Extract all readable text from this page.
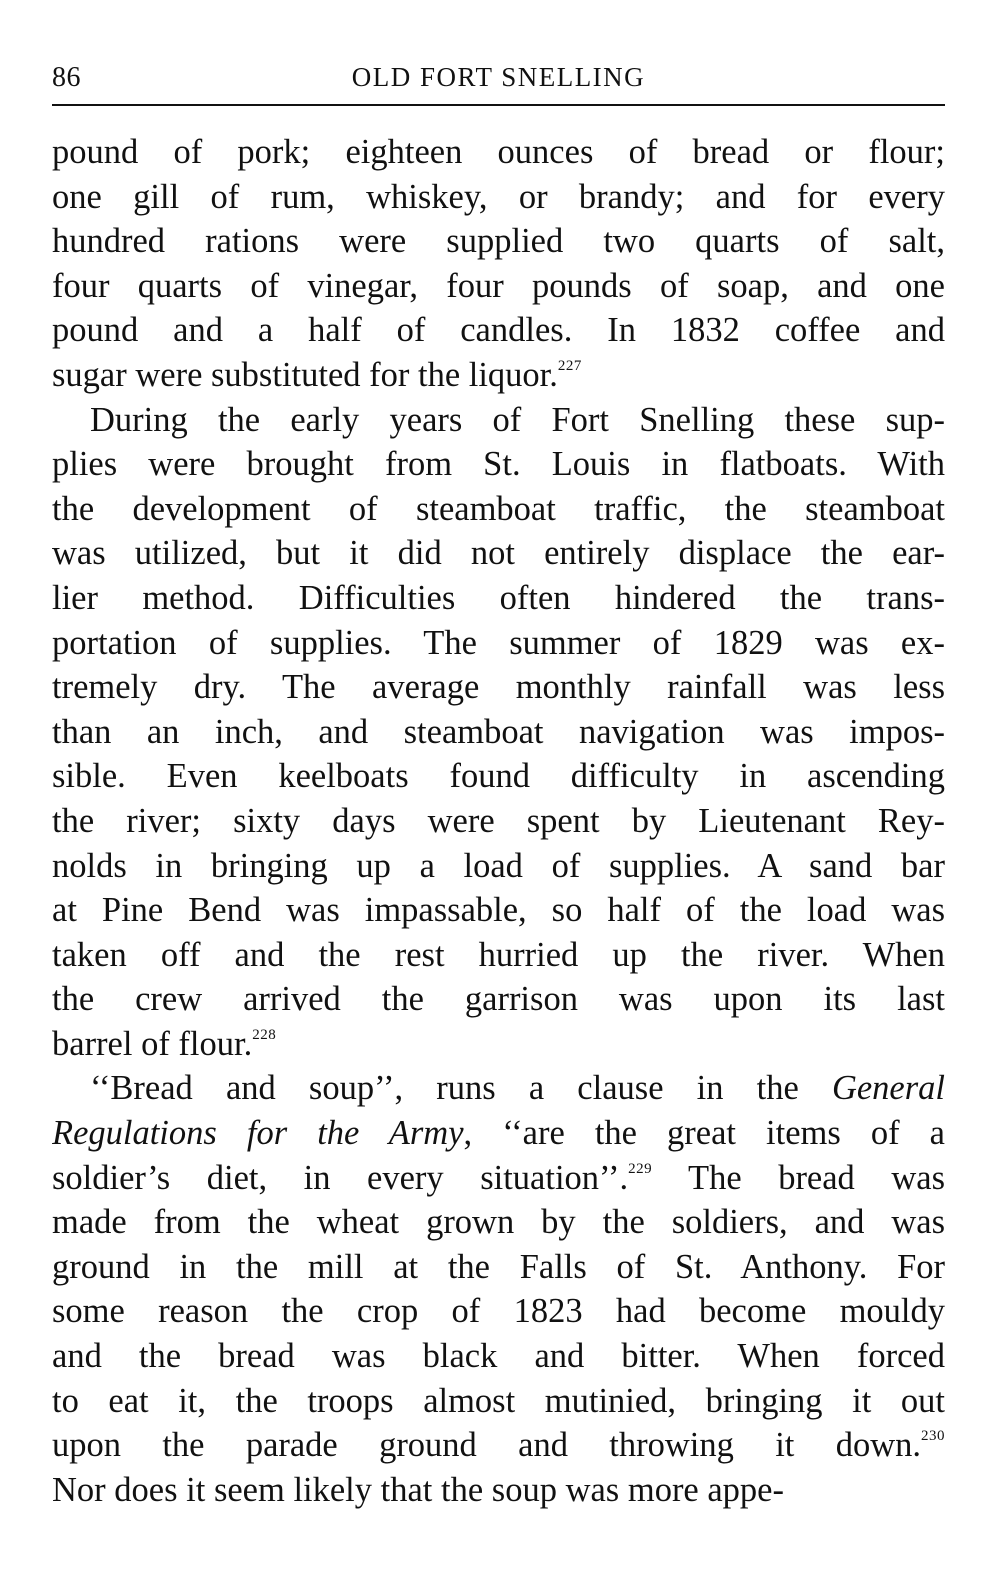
86	OLD FORT SNELLING
pound of pork; eighteen ounces of bread or flour;
one gill of rum, whiskey, or brandy; and for every
hundred rations were supplied two quarts of salt,
four quarts of vinegar, four pounds of soap, and one
pound and a half of candles. In 1832 coffee and
sugar were substituted for the liquor.$^{227}$
During the early years of Fort Snelling these sup-
plies were brought from St. Louis in flatboats. With
the development of steamboat traffic, the steamboat
was utilized, but it did not entirely displace the ear-
lier method. Difficulties often hindered the trans-
portation of supplies. The summer of 1829 was ex-
tremely dry. The average monthly rainfall was less
than an inch, and steamboat navigation was impos-
sible. Even keelboats found difficulty in ascending
the river; sixty days were spent by Lieutenant Rey-
nolds in bringing up a load of supplies. A sand bar
at Pine Bend was impassable, so half of the load was
taken off and the rest hurried up the river. When
the crew arrived the garrison was upon its last
barrel of flour.$^{228}$
‘‘Bread and soup’’, runs a clause in the General
Regulations for the Army, ‘‘are the great items of a
soldier’s diet, in every situation’’.$^{229}$ The bread was
made from the wheat grown by the soldiers, and was
ground in the mill at the Falls of St. Anthony. For
some reason the crop of 1823 had become mouldy
and the bread was black and bitter. When forced
to eat it, the troops almost mutinied, bringing it out
upon the parade ground and throwing it down.$^{230}$
Nor does it seem likely that the soup was more appe-
